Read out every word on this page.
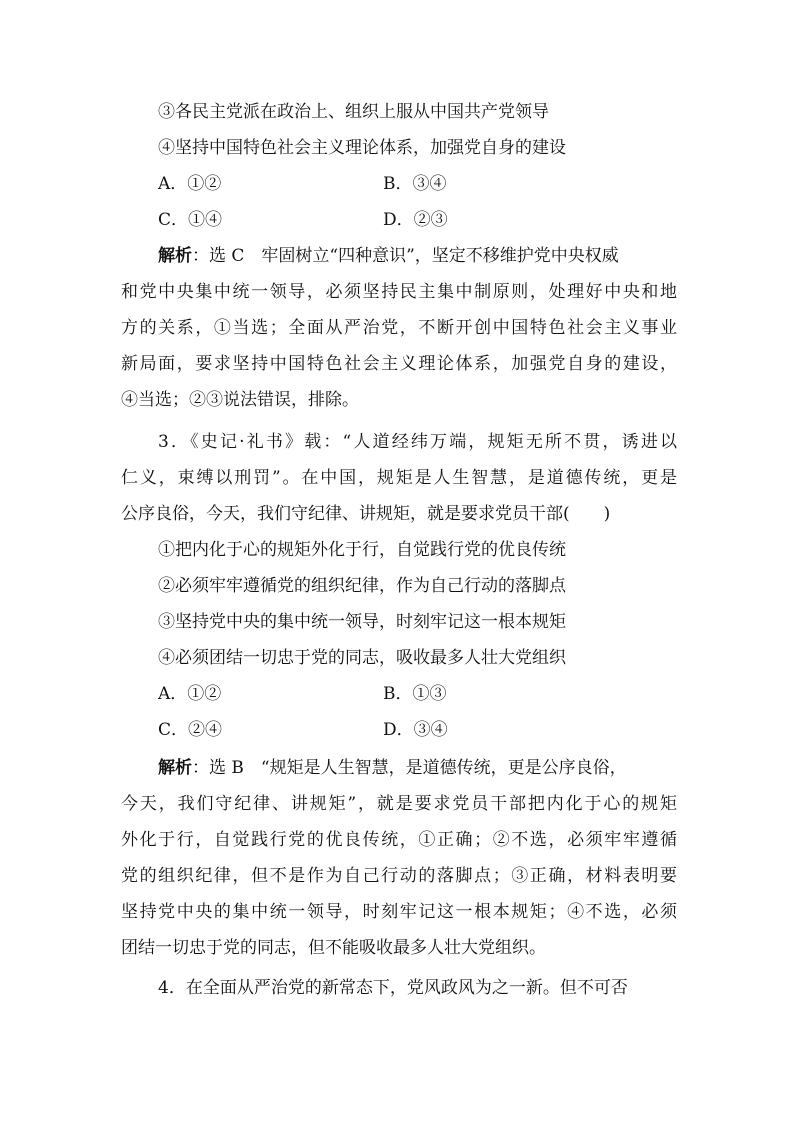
③各民主党派在政治上、组织上服从中国共产党领导
④坚持中国特色社会主义理论体系，加强党自身的建设
A．①②	B．③④
C．①④	D．②③
解析：选 C　牢固树立“四种意识”，坚定不移维护党中央权威
和党中央集中统一领导，必须坚持民主集中制原则，处理好中央和地
方的关系，①当选；全面从严治党，不断开创中国特色社会主义事业
新局面，要求坚持中国特色社会主义理论体系，加强党自身的建设，
④当选；②③说法错误，排除。
3．《史记·礼书》载：“人道经纬万端，规矩无所不贯，诱进以
仁义，束缚以刑罚”。在中国，规矩是人生智慧，是道德传统，更是
公序良俗，今天，我们守纪律、讲规矩，就是要求党员干部(　　)
①把内化于心的规矩外化于行，自觉践行党的优良传统
②必须牢牢遵循党的组织纪律，作为自己行动的落脚点
③坚持党中央的集中统一领导，时刻牢记这一根本规矩
④必须团结一切忠于党的同志，吸收最多人壮大党组织
A．①②	B．①③
C．②④	D．③④
解析：选 B　“规矩是人生智慧，是道德传统，更是公序良俗，
今天，我们守纪律、讲规矩”，就是要求党员干部把内化于心的规矩
外化于行，自觉践行党的优良传统，①正确；②不选，必须牢牢遵循
党的组织纪律，但不是作为自己行动的落脚点；③正确，材料表明要
坚持党中央的集中统一领导，时刻牢记这一根本规矩；④不选，必须
团结一切忠于党的同志，但不能吸收最多人壮大党组织。
4．在全面从严治党的新常态下，党风政风为之一新。但不可否
